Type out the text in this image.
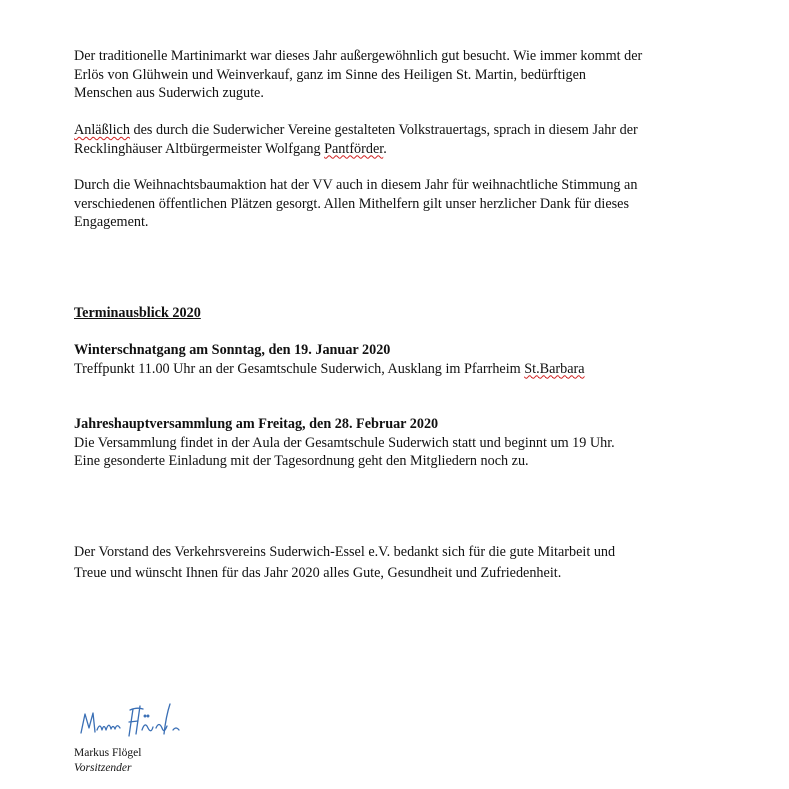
Der traditionelle Martinimarkt war dieses Jahr außergewöhnlich gut besucht. Wie immer kommt der
Erlös von Glühwein und Weinverkauf, ganz im Sinne des Heiligen St. Martin, bedürftigen
Menschen aus Suderwich zugute.

Anläßlich des durch die Suderwicher Vereine gestalteten Volkstrauertags, sprach in diesem Jahr der
Recklinghäuser Altbürgermeister Wolfgang Pantförder.

Durch die Weihnachtsbaumaktion hat der VV auch in diesem Jahr für weihnachtliche Stimmung an
verschiedenen öffentlichen Plätzen gesorgt. Allen Mithelfern gilt unser herzlicher Dank für dieses
Engagement.

Terminausblick 2020

Winterschnatgang am Sonntag, den 19. Januar 2020
Treffpunkt 11.00 Uhr an der Gesamtschule Suderwich, Ausklang im Pfarrheim St.Barbara

Jahreshauptversammlung am Freitag, den 28. Februar 2020
Die Versammlung findet in der Aula der Gesamtschule Suderwich statt und beginnt um 19 Uhr.
Eine gesonderte Einladung mit der Tagesordnung geht den Mitgliedern noch zu.

Der Vorstand des Verkehrsvereins Suderwich-Essel e.V. bedankt sich für die gute Mitarbeit und
Treue und wünscht Ihnen für das Jahr 2020 alles Gute, Gesundheit und Zufriedenheit.

Markus Flögel
Vorsitzender
